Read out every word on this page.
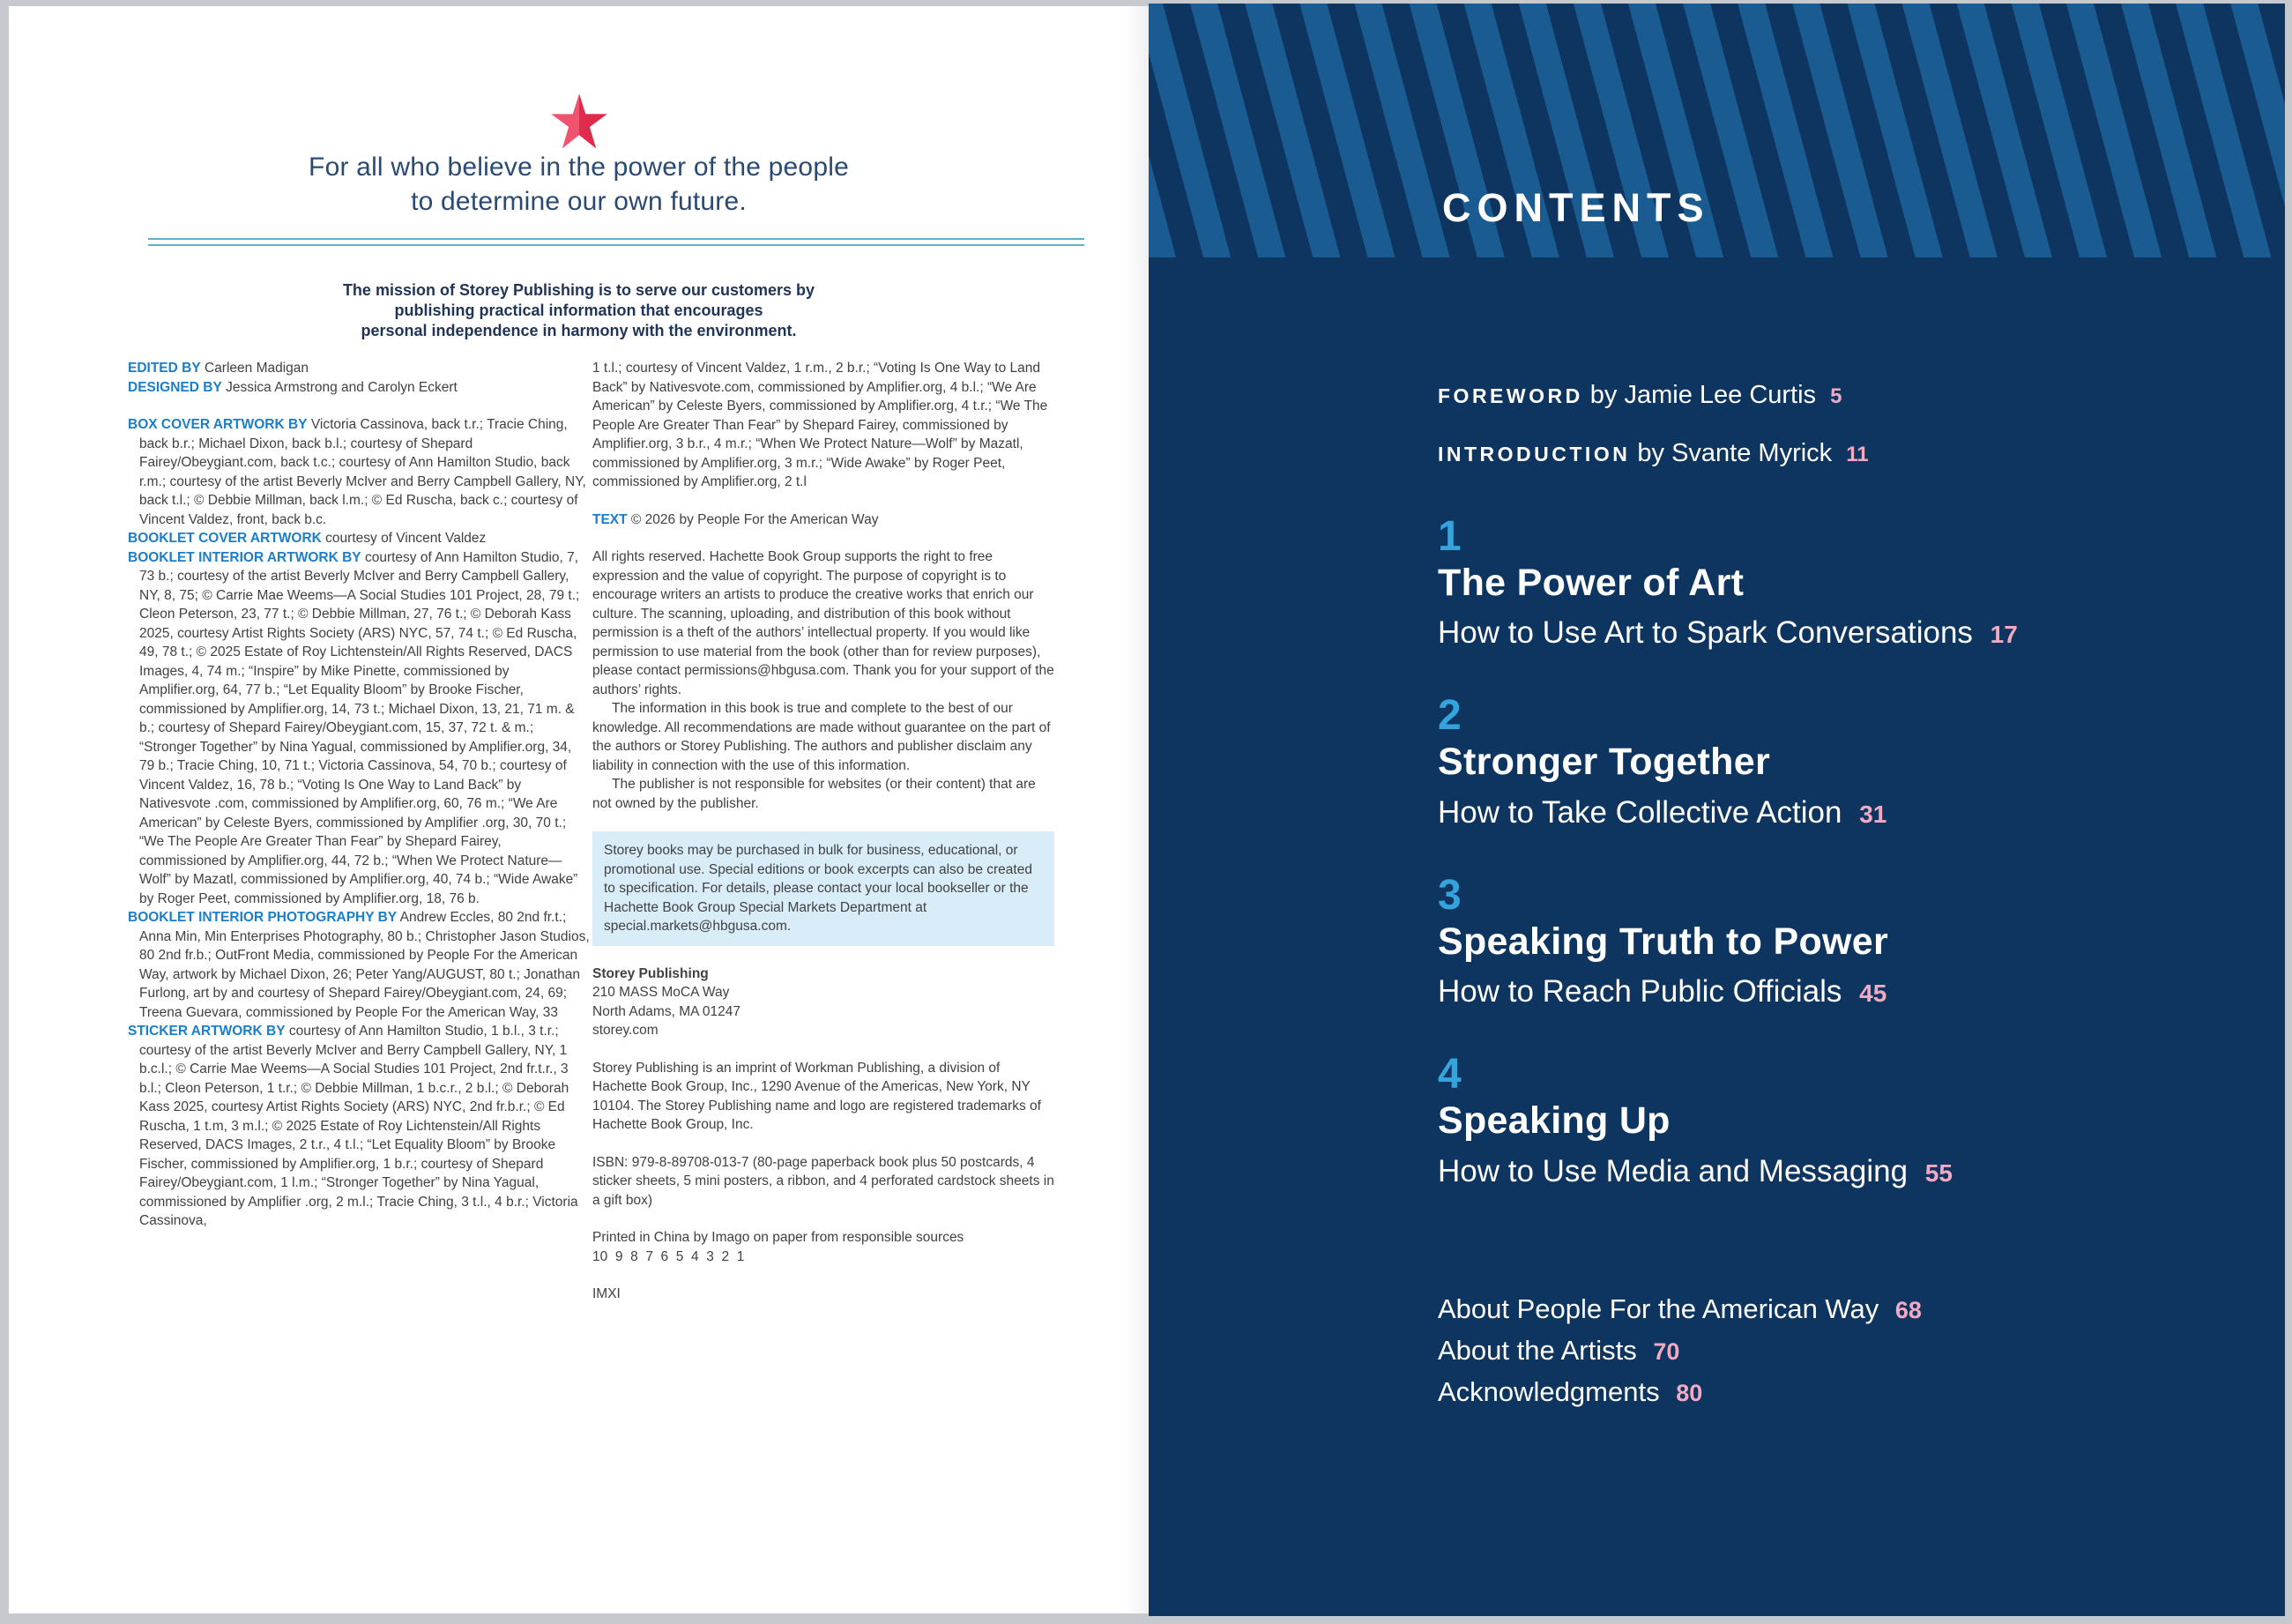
For all who believe in the power of the people
to determine our own future.
The mission of Storey Publishing is to serve our customers by
publishing practical information that encourages
personal independence in harmony with the environment.

EDITED BY Carleen Madigan

DESIGNED BY Jessica Armstrong and Carolyn Eckert

BOX COVER ARTWORK BY Victoria Cassinova, back t.r.; Tracie Ching, back b.r.; Michael Dixon, back b.l.; courtesy of Shepard Fairey/Obeygiant.com, back t.c.; courtesy of Ann Hamilton Studio, back r.m.; courtesy of the artist Beverly McIver and Berry Campbell Gallery, NY, back t.l.; © Debbie Millman, back l.m.; © Ed Ruscha, back c.; courtesy of Vincent Valdez, front, back b.c.

BOOKLET COVER ARTWORK courtesy of Vincent Valdez

BOOKLET INTERIOR ARTWORK BY courtesy of Ann Hamilton Studio, 7, 73 b.; courtesy of the artist Beverly McIver and Berry Campbell Gallery, NY, 8, 75; © Carrie Mae Weems—A Social Studies 101 Project, 28, 79 t.; Cleon Peterson, 23, 77 t.; © Debbie Millman, 27, 76 t.; © Deborah Kass 2025, courtesy Artist Rights Society (ARS) NYC, 57, 74 t.; © Ed Ruscha, 49, 78 t.; © 2025 Estate of Roy Lichtenstein/All Rights Reserved, DACS Images, 4, 74 m.; “Inspire” by Mike Pinette, commissioned by Amplifier.org, 64, 77 b.; “Let Equality Bloom” by Brooke Fischer, commissioned by Amplifier.org, 14, 73 t.; Michael Dixon, 13, 21, 71 m. & b.; courtesy of Shepard Fairey/Obeygiant.com, 15, 37, 72 t. & m.; “Stronger Together” by Nina Yagual, commissioned by Amplifier.org, 34, 79 b.; Tracie Ching, 10, 71 t.; Victoria Cassinova, 54, 70 b.; courtesy of Vincent Valdez, 16, 78 b.; “Voting Is One Way to Land Back” by Nativesvote .com, commissioned by Amplifier.org, 60, 76 m.; “We Are American” by Celeste Byers, commissioned by Amplifier .org, 30, 70 t.; “We The People Are Greater Than Fear” by Shepard Fairey, commissioned by Amplifier.org, 44, 72 b.; “When We Protect Nature—Wolf” by Mazatl, commissioned by Amplifier.org, 40, 74 b.; “Wide Awake” by Roger Peet, commissioned by Amplifier.org, 18, 76 b.

BOOKLET INTERIOR PHOTOGRAPHY BY Andrew Eccles, 80 2nd fr.t.; Anna Min, Min Enterprises Photography, 80 b.; Christopher Jason Studios, 80 2nd fr.b.; OutFront Media, commissioned by People For the American Way, artwork by Michael Dixon, 26; Peter Yang/AUGUST, 80 t.; Jonathan Furlong, art by and courtesy of Shepard Fairey/Obeygiant.com, 24, 69; Treena Guevara, commissioned by People For the American Way, 33

STICKER ARTWORK BY courtesy of Ann Hamilton Studio, 1 b.l., 3 t.r.; courtesy of the artist Beverly McIver and Berry Campbell Gallery, NY, 1 b.c.l.; © Carrie Mae Weems—A Social Studies 101 Project, 2nd fr.t.r., 3 b.l.; Cleon Peterson, 1 t.r.; © Debbie Millman, 1 b.c.r., 2 b.l.; © Deborah Kass 2025, courtesy Artist Rights Society (ARS) NYC, 2nd fr.b.r.; © Ed Ruscha, 1 t.m, 3 m.l.; © 2025 Estate of Roy Lichtenstein/All Rights Reserved, DACS Images, 2 t.r., 4 t.l.; “Let Equality Bloom” by Brooke Fischer, commissioned by Amplifier.org, 1 b.r.; courtesy of Shepard Fairey/Obeygiant.com, 1 l.m.; “Stronger Together” by Nina Yagual, commissioned by Amplifier .org, 2 m.l.; Tracie Ching, 3 t.l., 4 b.r.; Victoria Cassinova,

1 t.l.; courtesy of Vincent Valdez, 1 r.m., 2 b.r.; “Voting Is One Way to Land Back” by Nativesvote.com, commissioned by Amplifier.org, 4 b.l.; “We Are American” by Celeste Byers, commissioned by Amplifier.org, 4 t.r.; “We The People Are Greater Than Fear” by Shepard Fairey, commissioned by Amplifier.org, 3 b.r., 4 m.r.; “When We Protect Nature—Wolf” by Mazatl, commissioned by Amplifier.org, 3 m.r.; “Wide Awake” by Roger Peet, commissioned by Amplifier.org, 2 t.l

TEXT © 2026 by People For the American Way

All rights reserved. Hachette Book Group supports the right to free expression and the value of copyright. The purpose of copyright is to encourage writers an artists to produce the creative works that enrich our culture. The scanning, uploading, and distribution of this book without permission is a theft of the authors’ intellectual property. If you would like permission to use material from the book (other than for review purposes), please contact permissions@hbgusa.com. Thank you for your support of the authors’ rights.

The information in this book is true and complete to the best of our knowledge. All recommendations are made without guarantee on the part of the authors or Storey Publishing. The authors and publisher disclaim any liability in connection with the use of this information.

The publisher is not responsible for websites (or their content) that are not owned by the publisher.

Storey books may be purchased in bulk for business, educational, or promotional use. Special editions or book excerpts can also be created to specification. For details, please contact your local bookseller or the Hachette Book Group Special Markets Department at special.markets@hbgusa.com.

Storey Publishing
210 MASS MoCA Way
North Adams, MA 01247
storey.com

Storey Publishing is an imprint of Workman Publishing, a division of Hachette Book Group, Inc., 1290 Avenue of the Americas, New York, NY 10104. The Storey Publishing name and logo are registered trademarks of Hachette Book Group, Inc.

ISBN: 979-8-89708-013-7 (80-page paperback book plus 50 postcards, 4 sticker sheets, 5 mini posters, a ribbon, and 4 perforated cardstock sheets in a gift box)

Printed in China by Imago on paper from responsible sources
10  9  8  7  6  5  4  3  2  1

IMXI

CONTENTS
FOREWORD by Jamie Lee Curtis 5
INTRODUCTION by Svante Myrick 11
1
The Power of Art
How to Use Art to Spark Conversations 17
2
Stronger Together
How to Take Collective Action 31
3
Speaking Truth to Power
How to Reach Public Officials 45
4
Speaking Up
How to Use Media and Messaging 55
About People For the American Way 68
About the Artists 70
Acknowledgments 80
